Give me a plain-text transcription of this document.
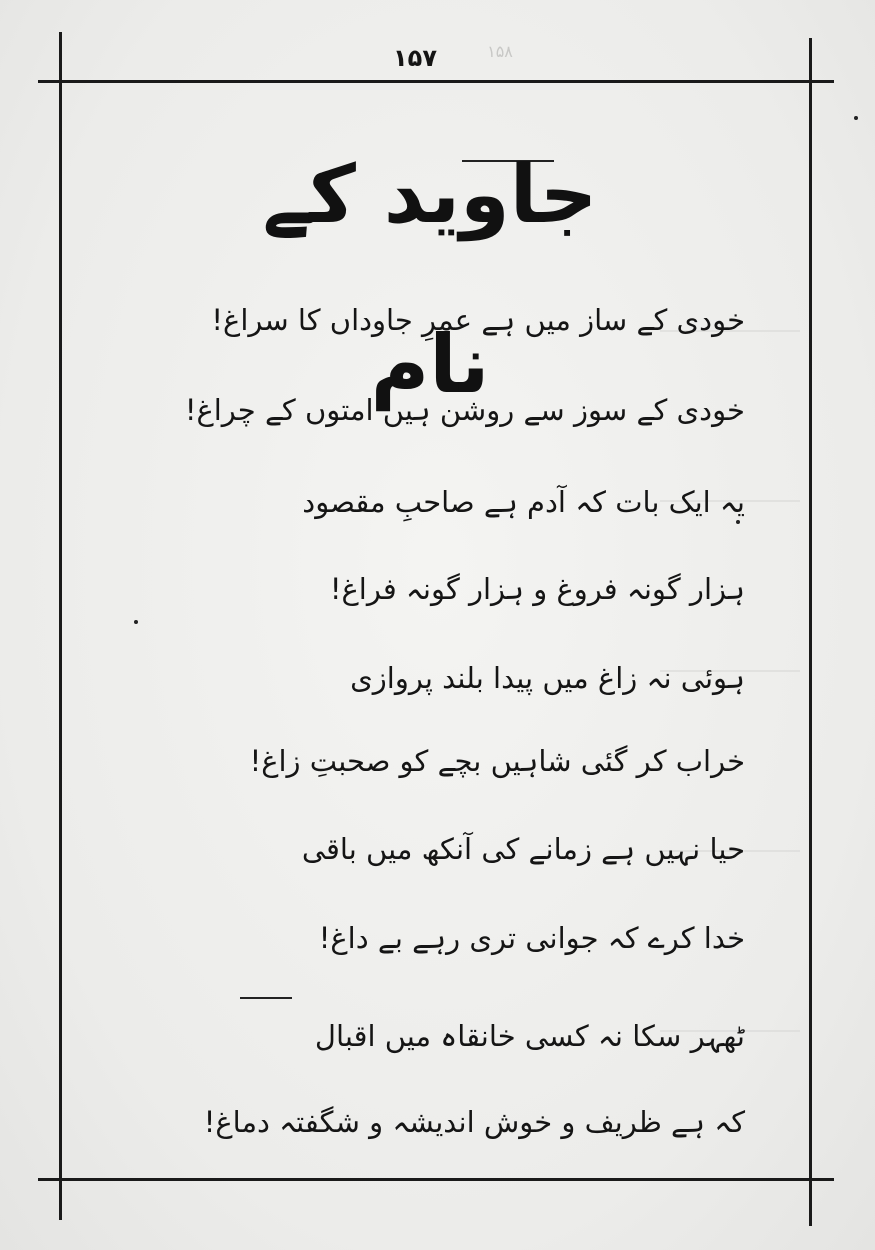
۱۵۸
۱۵۷
جاوید کے نام
خودی کے ساز میں ہے عمرِ جاوداں کا سراغ!
خودی کے سوز سے روشن ہیں امتوں کے چراغ!
یہ ایک بات کہ آدم ہے صاحبِ مقصود
ہزار گونہ فروغ و ہزار گونہ فراغ!
ہوئی نہ زاغ میں پیدا بلند پروازی
خراب کر گئی شاہیں بچے کو صحبتِ زاغ!
حیا نہیں ہے زمانے کی آنکھ میں باقی
خدا کرے کہ جوانی تری رہے بے داغ!
ٹھہر سکا نہ کسی خانقاہ میں اقبال
کہ ہے ظریف و خوش اندیشہ و شگفتہ دماغ!
